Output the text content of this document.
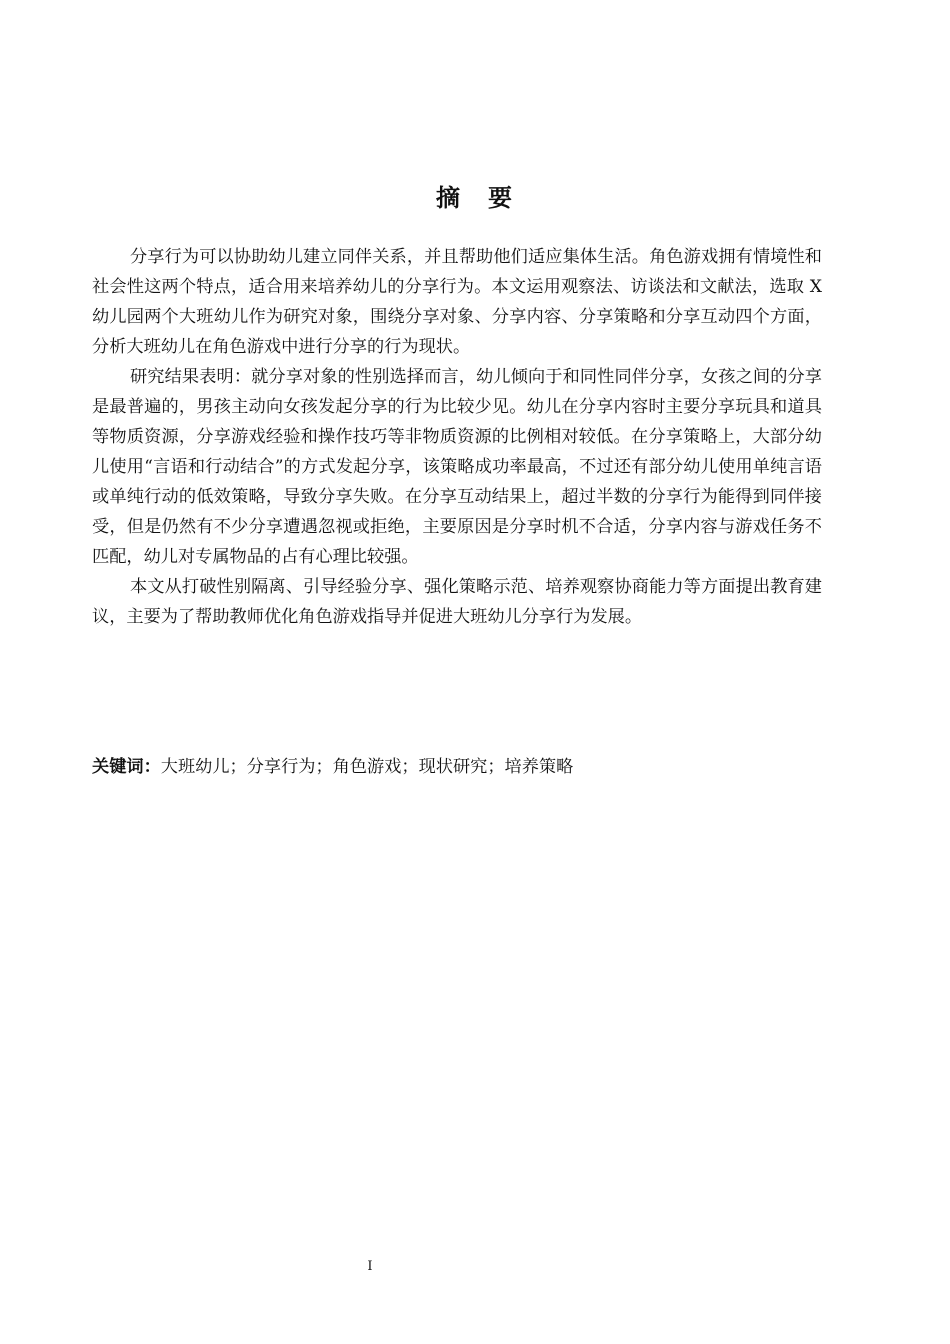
摘　要

分享行为可以协助幼儿建立同伴关系，并且帮助他们适应集体生活。角色游戏拥有情境性和社会性这两个特点，适合用来培养幼儿的分享行为。本文运用观察法、访谈法和文献法，选取 X 幼儿园两个大班幼儿作为研究对象，围绕分享对象、分享内容、分享策略和分享互动四个方面，分析大班幼儿在角色游戏中进行分享的行为现状。

研究结果表明：就分享对象的性别选择而言，幼儿倾向于和同性同伴分享，女孩之间的分享是最普遍的，男孩主动向女孩发起分享的行为比较少见。幼儿在分享内容时主要分享玩具和道具等物质资源，分享游戏经验和操作技巧等非物质资源的比例相对较低。在分享策略上，大部分幼儿使用“言语和行动结合”的方式发起分享，该策略成功率最高，不过还有部分幼儿使用单纯言语或单纯行动的低效策略，导致分享失败。在分享互动结果上，超过半数的分享行为能得到同伴接受，但是仍然有不少分享遭遇忽视或拒绝，主要原因是分享时机不合适，分享内容与游戏任务不匹配，幼儿对专属物品的占有心理比较强。

本文从打破性别隔离、引导经验分享、强化策略示范、培养观察协商能力等方面提出教育建议，主要为了帮助教师优化角色游戏指导并促进大班幼儿分享行为发展。

关键词：大班幼儿；分享行为；角色游戏；现状研究；培养策略
I
